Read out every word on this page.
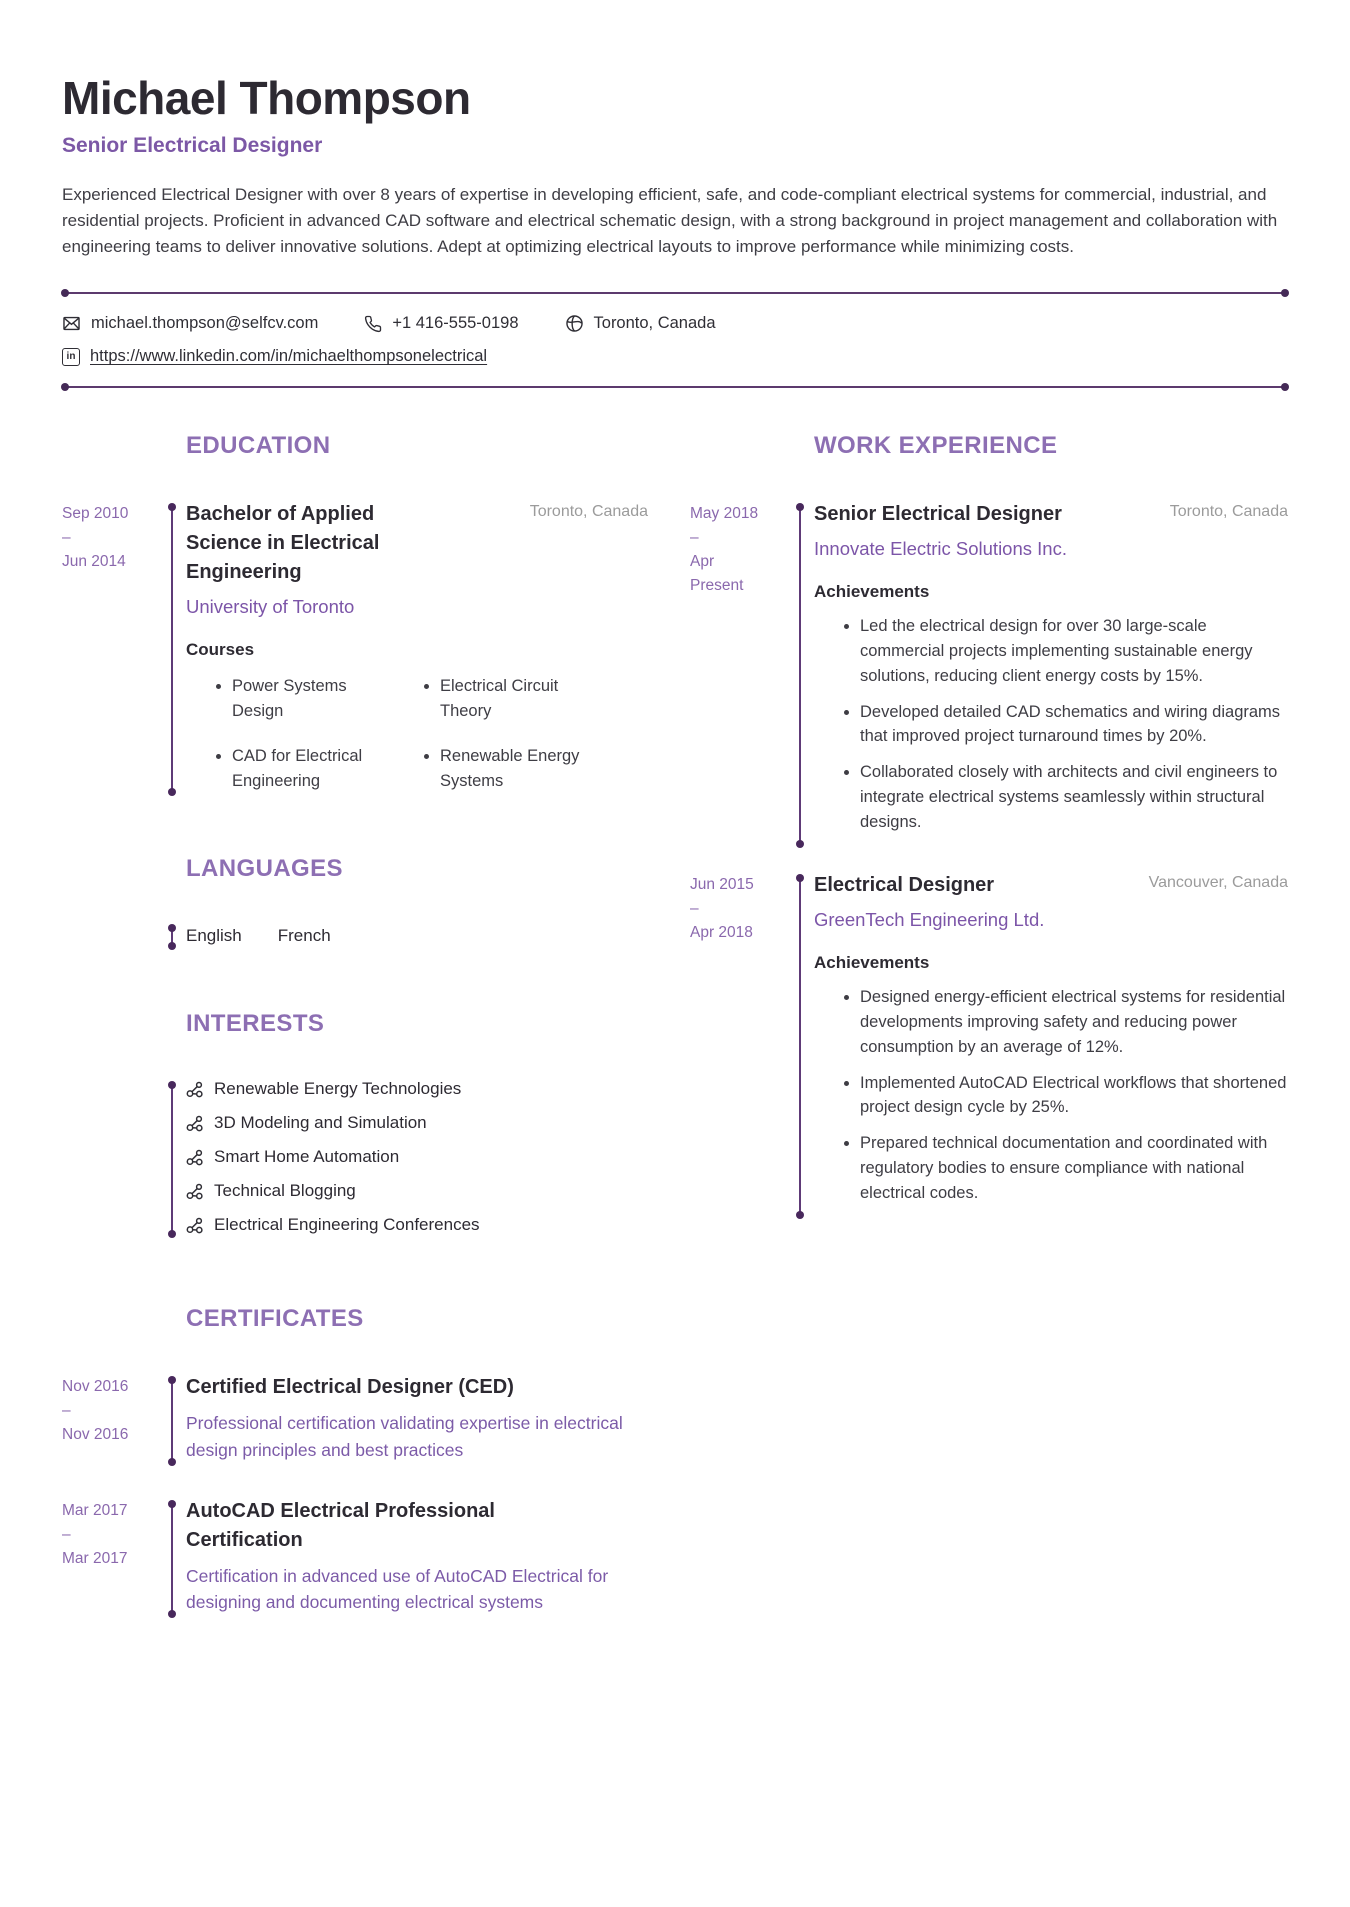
Michael Thompson
Senior Electrical Designer
Experienced Electrical Designer with over 8 years of expertise in developing efficient, safe, and code-compliant electrical systems for commercial, industrial, and residential projects. Proficient in advanced CAD software and electrical schematic design, with a strong background in project management and collaboration with engineering teams to deliver innovative solutions. Adept at optimizing electrical layouts to improve performance while minimizing costs.
michael.thompson@selfcv.com	+1 416-555-0198	Toronto, Canada
in https://www.linkedin.com/in/michaelthompsonelectrical
EDUCATION
Sep 2010
–
Jun 2014
Bachelor of Applied Science in Electrical Engineering
Toronto, Canada
University of Toronto
Courses
• Power Systems Design
• Electrical Circuit Theory
• CAD for Electrical Engineering
• Renewable Energy Systems
LANGUAGES
English French
INTERESTS
Renewable Energy Technologies
3D Modeling and Simulation
Smart Home Automation
Technical Blogging
Electrical Engineering Conferences
CERTIFICATES
Nov 2016
–
Nov 2016
Certified Electrical Designer (CED)
Professional certification validating expertise in electrical design principles and best practices
Mar 2017
–
Mar 2017
AutoCAD Electrical Professional Certification
Certification in advanced use of AutoCAD Electrical for designing and documenting electrical systems
WORK EXPERIENCE
May 2018
–
Apr
Present
Senior Electrical Designer	Toronto, Canada
Innovate Electric Solutions Inc.
Achievements
• Led the electrical design for over 30 large-scale commercial projects implementing sustainable energy solutions, reducing client energy costs by 15%.
• Developed detailed CAD schematics and wiring diagrams that improved project turnaround times by 20%.
• Collaborated closely with architects and civil engineers to integrate electrical systems seamlessly within structural designs.
Jun 2015
–
Apr 2018
Electrical Designer	Vancouver, Canada
GreenTech Engineering Ltd.
Achievements
• Designed energy-efficient electrical systems for residential developments improving safety and reducing power consumption by an average of 12%.
• Implemented AutoCAD Electrical workflows that shortened project design cycle by 25%.
• Prepared technical documentation and coordinated with regulatory bodies to ensure compliance with national electrical codes.
